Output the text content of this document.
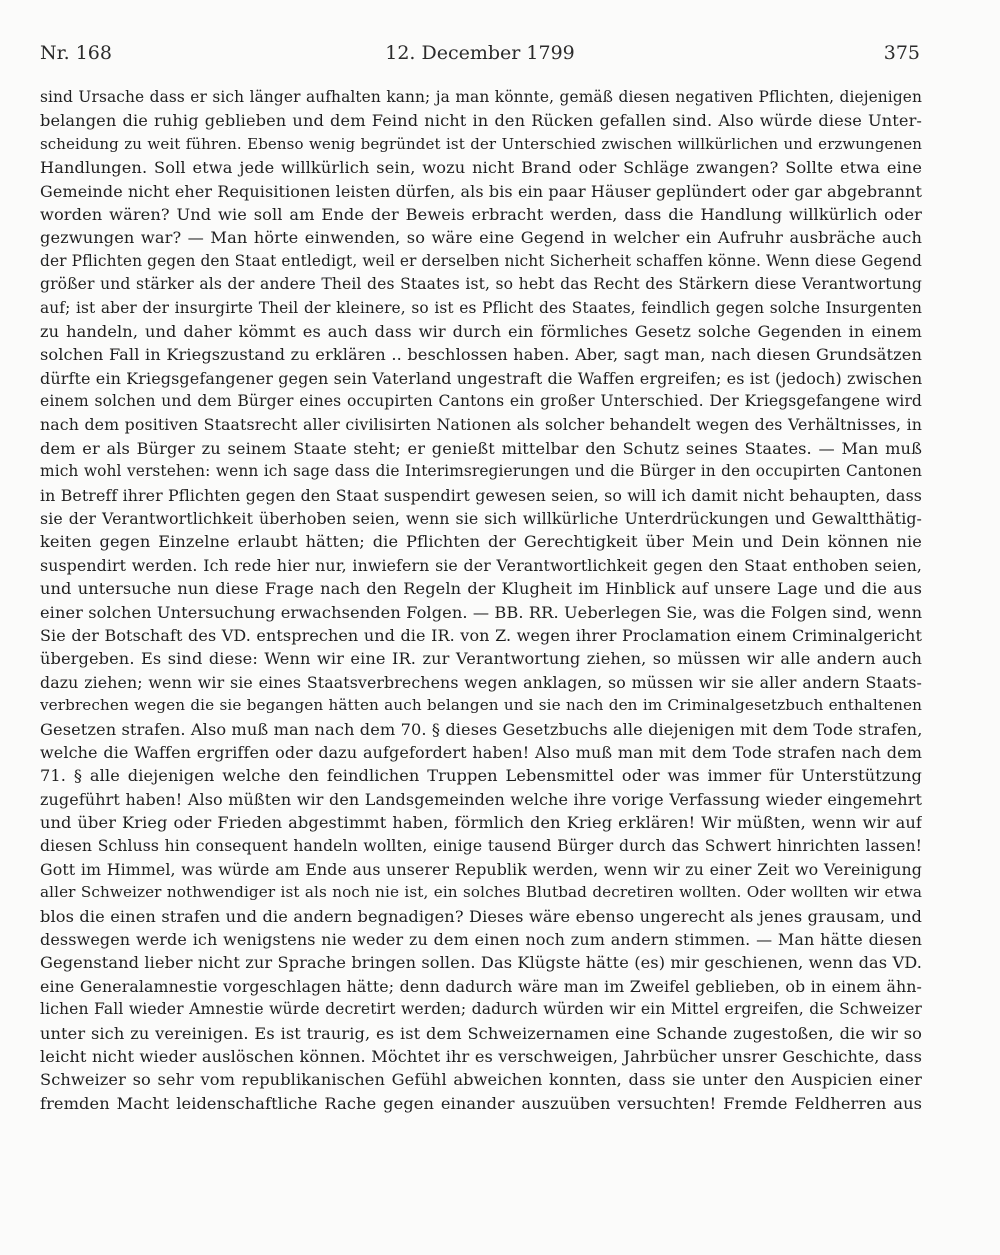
Nr. 168	12. December 1799	375
sind Ursache dass er sich länger aufhalten kann; ja man könnte, gemäß diesen negativen Pflichten, diejenigen
belangen die ruhig geblieben und dem Feind nicht in den Rücken gefallen sind. Also würde diese Unter-
scheidung zu weit führen. Ebenso wenig begründet ist der Unterschied zwischen willkürlichen und erzwungenen
Handlungen. Soll etwa jede willkürlich sein, wozu nicht Brand oder Schläge zwangen? Sollte etwa eine
Gemeinde nicht eher Requisitionen leisten dürfen, als bis ein paar Häuser geplündert oder gar abgebrannt
worden wären? Und wie soll am Ende der Beweis erbracht werden, dass die Handlung willkürlich oder
gezwungen war? — Man hörte einwenden, so wäre eine Gegend in welcher ein Aufruhr ausbräche auch
der Pflichten gegen den Staat entledigt, weil er derselben nicht Sicherheit schaffen könne. Wenn diese Gegend
größer und stärker als der andere Theil des Staates ist, so hebt das Recht des Stärkern diese Verantwortung
auf; ist aber der insurgirte Theil der kleinere, so ist es Pflicht des Staates, feindlich gegen solche Insurgenten
zu handeln, und daher kömmt es auch dass wir durch ein förmliches Gesetz solche Gegenden in einem
solchen Fall in Kriegszustand zu erklären .. beschlossen haben. Aber, sagt man, nach diesen Grundsätzen
dürfte ein Kriegsgefangener gegen sein Vaterland ungestraft die Waffen ergreifen; es ist (jedoch) zwischen
einem solchen und dem Bürger eines occupirten Cantons ein großer Unterschied. Der Kriegsgefangene wird
nach dem positiven Staatsrecht aller civilisirten Nationen als solcher behandelt wegen des Verhältnisses, in
dem er als Bürger zu seinem Staate steht; er genießt mittelbar den Schutz seines Staates. — Man muß
mich wohl verstehen: wenn ich sage dass die Interimsregierungen und die Bürger in den occupirten Cantonen
in Betreff ihrer Pflichten gegen den Staat suspendirt gewesen seien, so will ich damit nicht behaupten, dass
sie der Verantwortlichkeit überhoben seien, wenn sie sich willkürliche Unterdrückungen und Gewaltthätig-
keiten gegen Einzelne erlaubt hätten; die Pflichten der Gerechtigkeit über Mein und Dein können nie
suspendirt werden. Ich rede hier nur, inwiefern sie der Verantwortlichkeit gegen den Staat enthoben seien,
und untersuche nun diese Frage nach den Regeln der Klugheit im Hinblick auf unsere Lage und die aus
einer solchen Untersuchung erwachsenden Folgen. — BB. RR. Ueberlegen Sie, was die Folgen sind, wenn
Sie der Botschaft des VD. entsprechen und die IR. von Z. wegen ihrer Proclamation einem Criminalgericht
übergeben. Es sind diese: Wenn wir eine IR. zur Verantwortung ziehen, so müssen wir alle andern auch
dazu ziehen; wenn wir sie eines Staatsverbrechens wegen anklagen, so müssen wir sie aller andern Staats-
verbrechen wegen die sie begangen hätten auch belangen und sie nach den im Criminalgesetzbuch enthaltenen
Gesetzen strafen. Also muß man nach dem 70. § dieses Gesetzbuchs alle diejenigen mit dem Tode strafen,
welche die Waffen ergriffen oder dazu aufgefordert haben! Also muß man mit dem Tode strafen nach dem
71. § alle diejenigen welche den feindlichen Truppen Lebensmittel oder was immer für Unterstützung
zugeführt haben! Also müßten wir den Landsgemeinden welche ihre vorige Verfassung wieder eingemehrt
und über Krieg oder Frieden abgestimmt haben, förmlich den Krieg erklären! Wir müßten, wenn wir auf
diesen Schluss hin consequent handeln wollten, einige tausend Bürger durch das Schwert hinrichten lassen!
Gott im Himmel, was würde am Ende aus unserer Republik werden, wenn wir zu einer Zeit wo Vereinigung
aller Schweizer nothwendiger ist als noch nie ist, ein solches Blutbad decretiren wollten. Oder wollten wir etwa
blos die einen strafen und die andern begnadigen? Dieses wäre ebenso ungerecht als jenes grausam, und
desswegen werde ich wenigstens nie weder zu dem einen noch zum andern stimmen. — Man hätte diesen
Gegenstand lieber nicht zur Sprache bringen sollen. Das Klügste hätte (es) mir geschienen, wenn das VD.
eine Generalamnestie vorgeschlagen hätte; denn dadurch wäre man im Zweifel geblieben, ob in einem ähn-
lichen Fall wieder Amnestie würde decretirt werden; dadurch würden wir ein Mittel ergreifen, die Schweizer
unter sich zu vereinigen. Es ist traurig, es ist dem Schweizernamen eine Schande zugestoßen, die wir so
leicht nicht wieder auslöschen können. Möchtet ihr es verschweigen, Jahrbücher unsrer Geschichte, dass
Schweizer so sehr vom republikanischen Gefühl abweichen konnten, dass sie unter den Auspicien einer
fremden Macht leidenschaftliche Rache gegen einander auszuüben versuchten! Fremde Feldherren aus
